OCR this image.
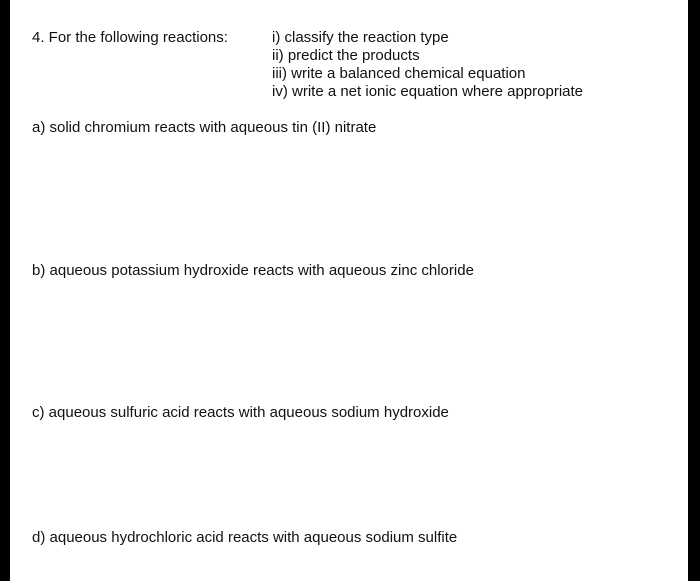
4. For the following reactions:	i) classify the reaction type
ii) predict the products
iii) write a balanced chemical equation
iv) write a net ionic equation where appropriate

a) solid chromium reacts with aqueous tin (II) nitrate

b) aqueous potassium hydroxide reacts with aqueous zinc chloride

c) aqueous sulfuric acid reacts with aqueous sodium hydroxide

d) aqueous hydrochloric acid reacts with aqueous sodium sulfite
